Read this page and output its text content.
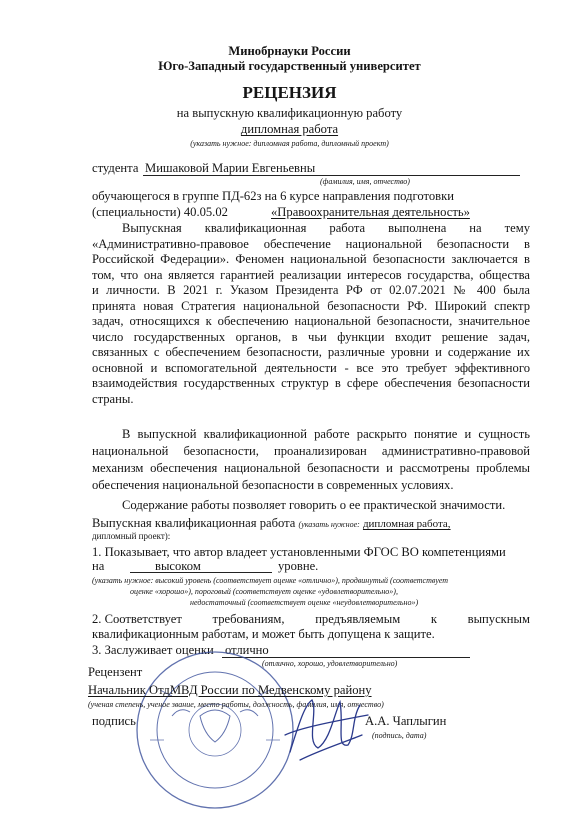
Минобрнауки России
Юго-Западный государственный университет
РЕЦЕНЗИЯ
на выпускную квалификационную работу
дипломная работа
(указать нужное: дипломная работа, дипломный проект)
студента Мишаковой Марии Евгеньевны
(фамилия, имя, отчество)
обучающегося в группе ПД-62з на 6 курсе направления подготовки
(специальности) 40.05.02	«Правоохранительная деятельность»
Выпускная квалификационная работа выполнена на тему
«Административно-правовое обеспечение национальной безопасности в
Российской Федерации». Феномен национальной безопасности заключается в
том, что она является гарантией реализации интересов государства, общества
и личности. В 2021 г. Указом Президента РФ от 02.07.2021 № 400 была
принята новая Стратегия национальной безопасности РФ. Широкий спектр
задач, относящихся к обеспечению национальной безопасности, значительное
число государственных органов, в чьи функции входит решение задач,
связанных с обеспечением безопасности, различные уровни и содержание их
основной и вспомогательной деятельности - все это требует эффективного
взаимодействия государственных структур в сфере обеспечения безопасности
страны.
В выпускной квалификационной работе раскрыто понятие и сущность
национальной безопасности, проанализирован административно-правовой
механизм обеспечения национальной безопасности и рассмотрены проблемы
обеспечения национальной безопасности в современных условиях.
Содержание работы позволяет говорить о ее практической значимости.
Выпускная квалификационная работа (указать нужное: дипломная работа,
дипломный проект):
1. Показывает, что автор владеет установленными ФГОС ВО компетенциями
на	высоком	уровне.
(указать нужное: высокий уровень (соответствует оценке «отлично»), продвинутый (соответствует
оценке «хорошо»), пороговый (соответствует оценке «удовлетворительно»),
недостаточный (соответствует оценке «неудовлетворительно»)
2. Соответствует требованиям, предъявляемым к выпускным
квалификационным работам, и может быть допущена к защите.
3. Заслуживает оценки отлично
(отлично, хорошо, удовлетворительно)
Рецензент
Начальник ОтдМВД России по Медвенскому району
(ученая степень, ученое звание, место работы, должность, фамилия, имя, отчество)
подпись	А.А. Чаплыгин
(подпись, дата)
